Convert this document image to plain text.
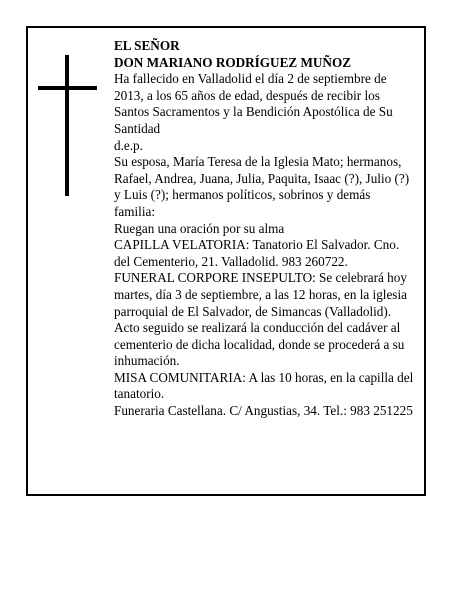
EL SEÑOR

DON MARIANO RODRÍGUEZ MUÑOZ

Ha fallecido en Valladolid el día 2 de septiembre de 2013, a los 65 años de edad, después de recibir los Santos Sacramentos y la Bendición Apostólica de Su Santidad

d.e.p.

Su esposa, María Teresa de la Iglesia Mato; hermanos, Rafael, Andrea, Juana, Julia, Paquita, Isaac (?), Julio (?) y Luis (?); hermanos políticos, sobrinos y demás familia:

Ruegan una oración por su alma

CAPILLA VELATORIA: Tanatorio El Salvador. Cno. del Cementerio, 21. Valladolid. 983 260722.

FUNERAL CORPORE INSEPULTO: Se celebrará hoy martes, día 3 de septiembre, a las 12 horas, en la iglesia parroquial de El Salvador, de Simancas (Valladolid). Acto seguido se realizará la conducción del cadáver al cementerio de dicha localidad, donde se procederá a su inhumación.

MISA COMUNITARIA: A las 10 horas, en la capilla del tanatorio.

Funeraria Castellana. C/ Angustias, 34. Tel.: 983 251225
